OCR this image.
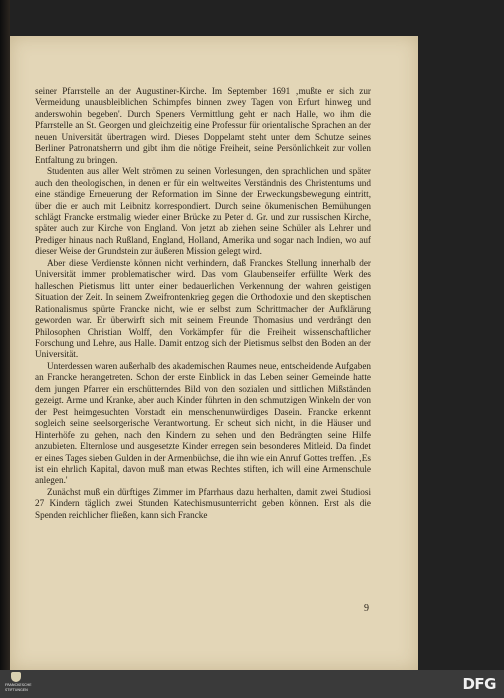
seiner Pfarrstelle an der Augustiner-Kirche. Im September 1691 ‚mußte er sich zur Vermeidung unausbleiblichen Schimpfes binnen zwey Tagen von Erfurt hinweg und anderswohin begeben'. Durch Speners Vermittlung geht er nach Halle, wo ihm die Pfarrstelle an St. Georgen und gleichzeitig eine Professur für orientalische Sprachen an der neuen Universität übertragen wird. Dieses Doppelamt steht unter dem Schutze seines Berliner Patronatsherrn und gibt ihm die nötige Freiheit, seine Persönlichkeit zur vollen Entfaltung zu bringen.

Studenten aus aller Welt strömen zu seinen Vorlesungen, den sprachlichen und später auch den theologischen, in denen er für ein weltweites Verständnis des Christentums und eine ständige Erneuerung der Reformation im Sinne der Erweckungsbewegung eintritt, über die er auch mit Leibnitz korrespondiert. Durch seine ökumenischen Bemühungen schlägt Francke erstmalig wieder einer Brücke zu Peter d. Gr. und zur russischen Kirche, später auch zur Kirche von England. Von jetzt ab ziehen seine Schüler als Lehrer und Prediger hinaus nach Rußland, England, Holland, Amerika und sogar nach Indien, wo auf dieser Weise der Grundstein zur äußeren Mission gelegt wird.

Aber diese Verdienste können nicht verhindern, daß Franckes Stellung innerhalb der Universität immer problematischer wird. Das vom Glaubenseifer erfüllte Werk des halleschen Pietismus litt unter einer bedauerlichen Verkennung der wahren geistigen Situation der Zeit. In seinem Zweifrontenkrieg gegen die Orthodoxie und den skeptischen Rationalismus spürte Francke nicht, wie er selbst zum Schrittmacher der Aufklärung geworden war. Er überwirft sich mit seinem Freunde Thomasius und verdrängt den Philosophen Christian Wolff, den Vorkämpfer für die Freiheit wissenschaftlicher Forschung und Lehre, aus Halle. Damit entzog sich der Pietismus selbst den Boden an der Universität.

Unterdessen waren außerhalb des akademischen Raumes neue, entscheidende Aufgaben an Francke herangetreten. Schon der erste Einblick in das Leben seiner Gemeinde hatte dem jungen Pfarrer ein erschütterndes Bild von den sozialen und sittlichen Mißständen gezeigt. Arme und Kranke, aber auch Kinder führten in den schmutzigen Winkeln der von der Pest heimgesuchten Vorstadt ein menschenunwürdiges Dasein. Francke erkennt sogleich seine seelsorgerische Verantwortung. Er scheut sich nicht, in die Häuser und Hinterhöfe zu gehen, nach den Kindern zu sehen und den Bedrängten seine Hilfe anzubieten. Elternlose und ausgesetzte Kinder erregen sein besonderes Mitleid. Da findet er eines Tages sieben Gulden in der Armenbüchse, die ihn wie ein Anruf Gottes treffen. ‚Es ist ein ehrlich Kapital, davon muß man etwas Rechtes stiften, ich will eine Armenschule anlegen.'

Zunächst muß ein dürftiges Zimmer im Pfarrhaus dazu herhalten, damit zwei Studiosi 27 Kindern täglich zwei Stunden Katechismusunterricht geben können. Erst als die Spenden reichlicher fließen, kann sich Francke

9
FRANCKESCHE
STIFTUNGEN	DFG
